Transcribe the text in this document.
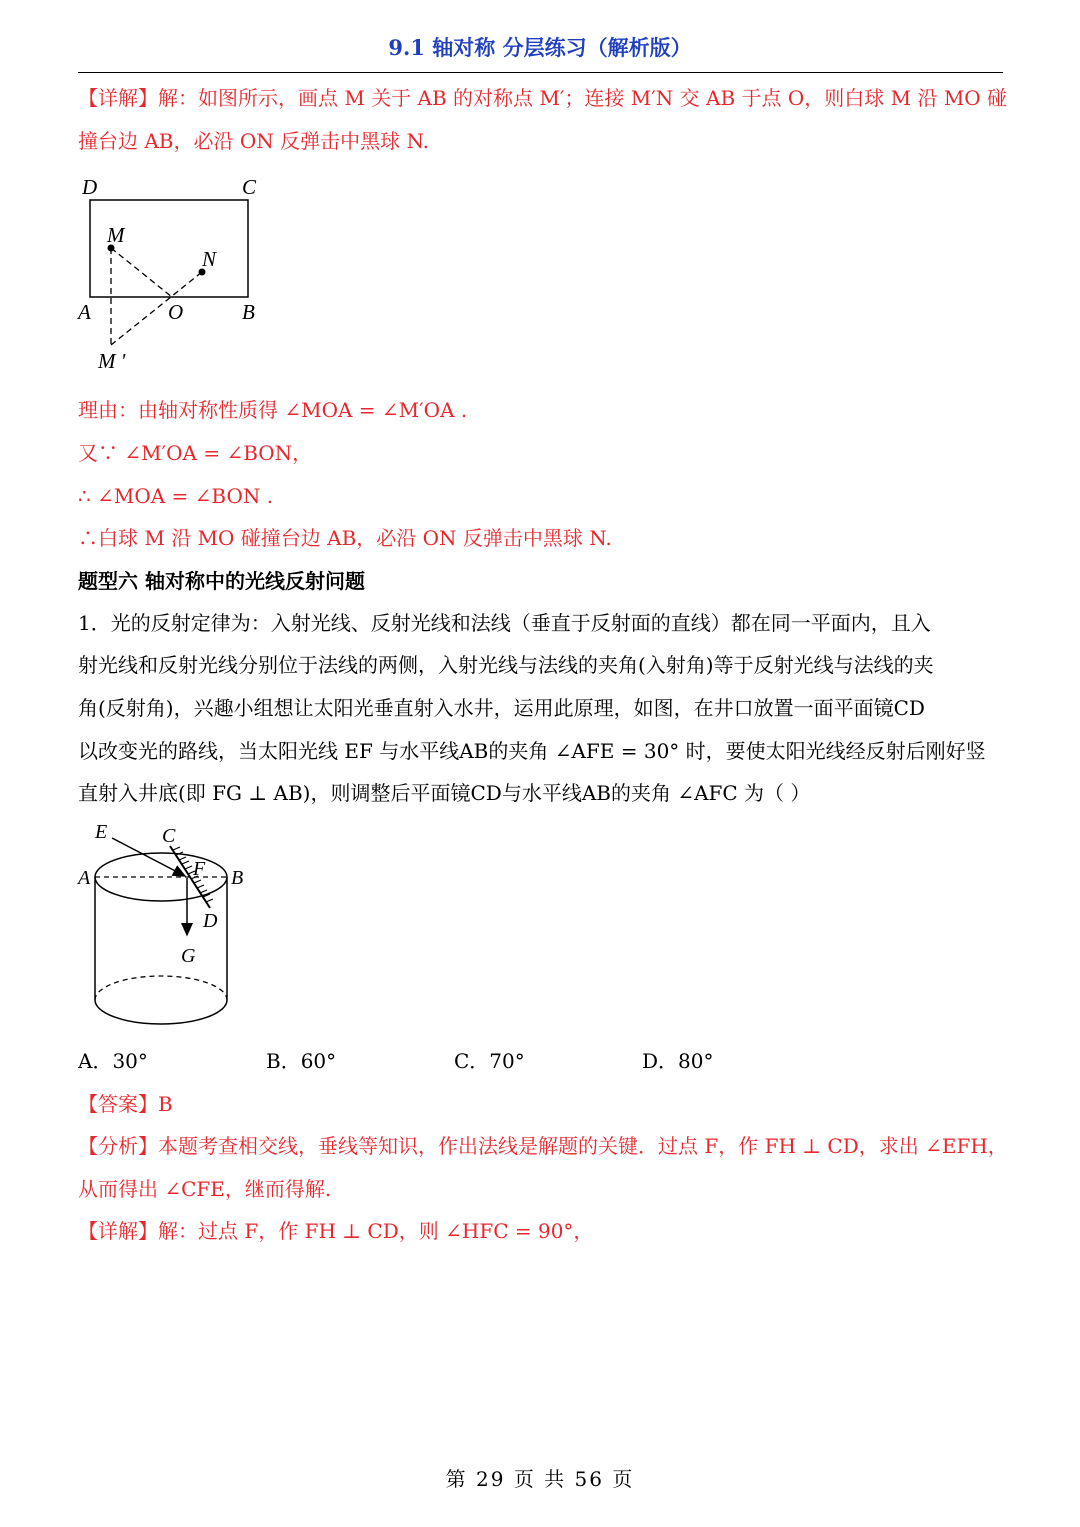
9.1 轴对称 分层练习（解析版）
【详解】解：如图所示，画点 M 关于 AB 的对称点 M′；连接 M′N 交 AB 于点 O，则白球 M 沿 MO 碰
撞台边 AB，必沿 ON 反弹击中黑球 N.
D	C
M
N
A	O	B
M '
理由：由轴对称性质得 ∠MOA = ∠M′OA .
又∵ ∠M′OA = ∠BON，
∴ ∠MOA = ∠BON .
∴白球 M 沿 MO 碰撞台边 AB，必沿 ON 反弹击中黑球 N.
题型六 轴对称中的光线反射问题
1．光的反射定律为：入射光线、反射光线和法线（垂直于反射面的直线）都在同一平面内，且入
射光线和反射光线分别位于法线的两侧，入射光线与法线的夹角(入射角)等于反射光线与法线的夹
角(反射角)，兴趣小组想让太阳光垂直射入水井，运用此原理，如图，在井口放置一面平面镜CD
以改变光的路线，当太阳光线 EF 与水平线AB的夹角 ∠AFE = 30° 时，要使太阳光线经反射后刚好竖
直射入井底(即 FG ⊥ AB)，则调整后平面镜CD与水平线AB的夹角 ∠AFC 为（ ）
E	C
A	F B
D
G
A．30°	B．60°	C．70°	D．80°
【答案】B
【分析】本题考查相交线，垂线等知识，作出法线是解题的关键．过点 F，作 FH ⊥ CD，求出 ∠EFH，
从而得出 ∠CFE，继而得解.
【详解】解：过点 F，作 FH ⊥ CD，则 ∠HFC = 90°，
第 29 页 共 56 页
